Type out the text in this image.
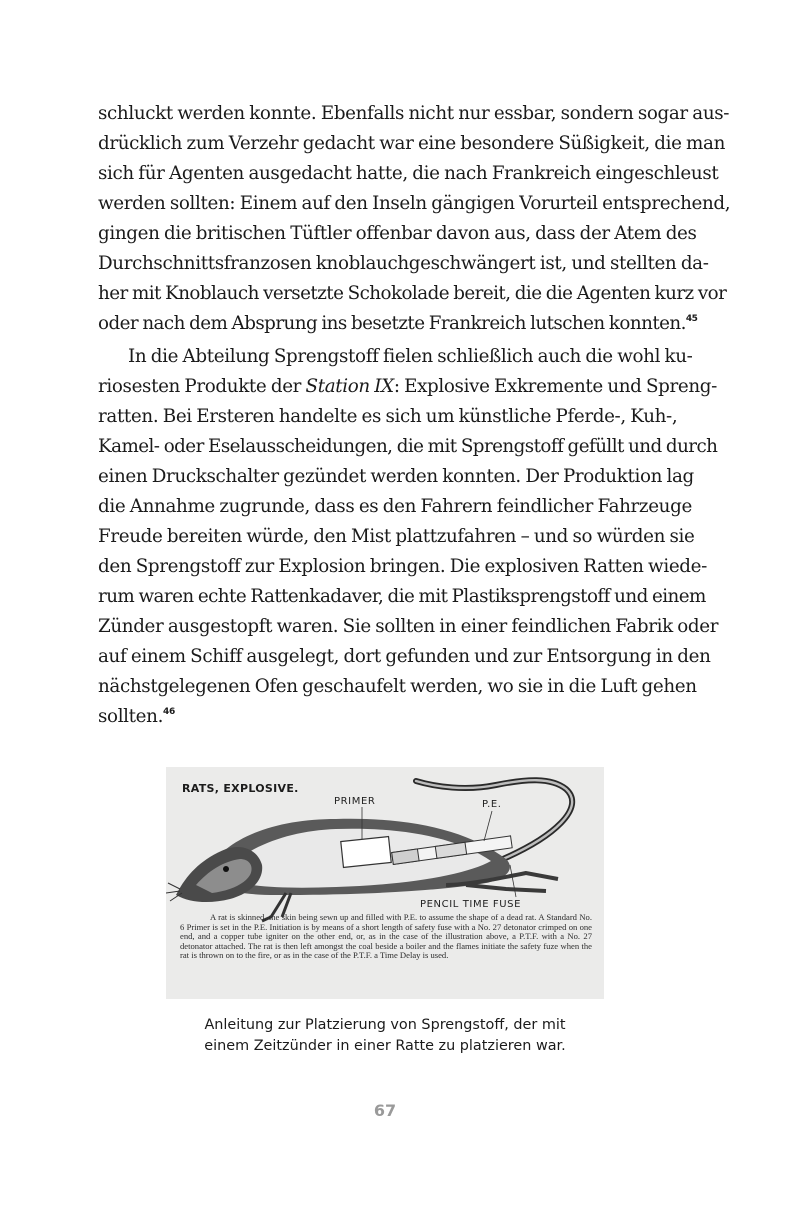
schluckt werden konnte. Ebenfalls nicht nur essbar, sondern sogar aus-
drücklich zum Verzehr gedacht war eine besondere Süßigkeit, die man
sich für Agenten ausgedacht hatte, die nach Frankreich eingeschleust
werden sollten: Einem auf den Inseln gängigen Vorurteil entsprechend,
gingen die britischen Tüftler offenbar davon aus, dass der Atem des
Durchschnittsfranzosen knoblauchgeschwängert ist, und stellten da-
her mit Knoblauch versetzte Schokolade bereit, die die Agenten kurz vor
oder nach dem Absprung ins besetzte Frankreich lutschen konnten.$^{45}$

In die Abteilung Sprengstoff fielen schließlich auch die wohl ku-
riosesten Produkte der Station IX: Explosive Exkremente und Spreng-
ratten. Bei Ersteren handelte es sich um künstliche Pferde-, Kuh-,
Kamel- oder Eselausscheidungen, die mit Sprengstoff gefüllt und durch
einen Druckschalter gezündet werden konnten. Der Produktion lag
die Annahme zugrunde, dass es den Fahrern feindlicher Fahrzeuge
Freude bereiten würde, den Mist plattzufahren – und so würden sie
den Sprengstoff zur Explosion bringen. Die explosiven Ratten wiede-
rum waren echte Rattenkadaver, die mit Plastiksprengstoff und einem
Zünder ausgestopft waren. Sie sollten in einer feindlichen Fabrik oder
auf einem Schiff ausgelegt, dort gefunden und zur Entsorgung in den
nächstgelegenen Ofen geschaufelt werden, wo sie in die Luft gehen
sollten.$^{46}$

RATS, EXPLOSIVE.
PRIMER	P.E.
PENCIL TIME FUSE
A rat is skinned, the skin being sewn up and filled with P.E. to assume the shape of a dead rat. A Standard No. 6 Primer is set in the P.E. Initiation is by means of a short length of safety fuse with a No. 27 detonator crimped on one end, and a copper tube igniter on the other end, or, as in the case of the illustration above, a P.T.F. with a No. 27 detonator attached. The rat is then left amongst the coal beside a boiler and the flames initiate the safety fuze when the rat is thrown on to the fire, or as in the case of the P.T.F. a Time Delay is used.
Anleitung zur Platzierung von Sprengstoff, der mit
einem Zeitzünder in einer Ratte zu platzieren war.
67
